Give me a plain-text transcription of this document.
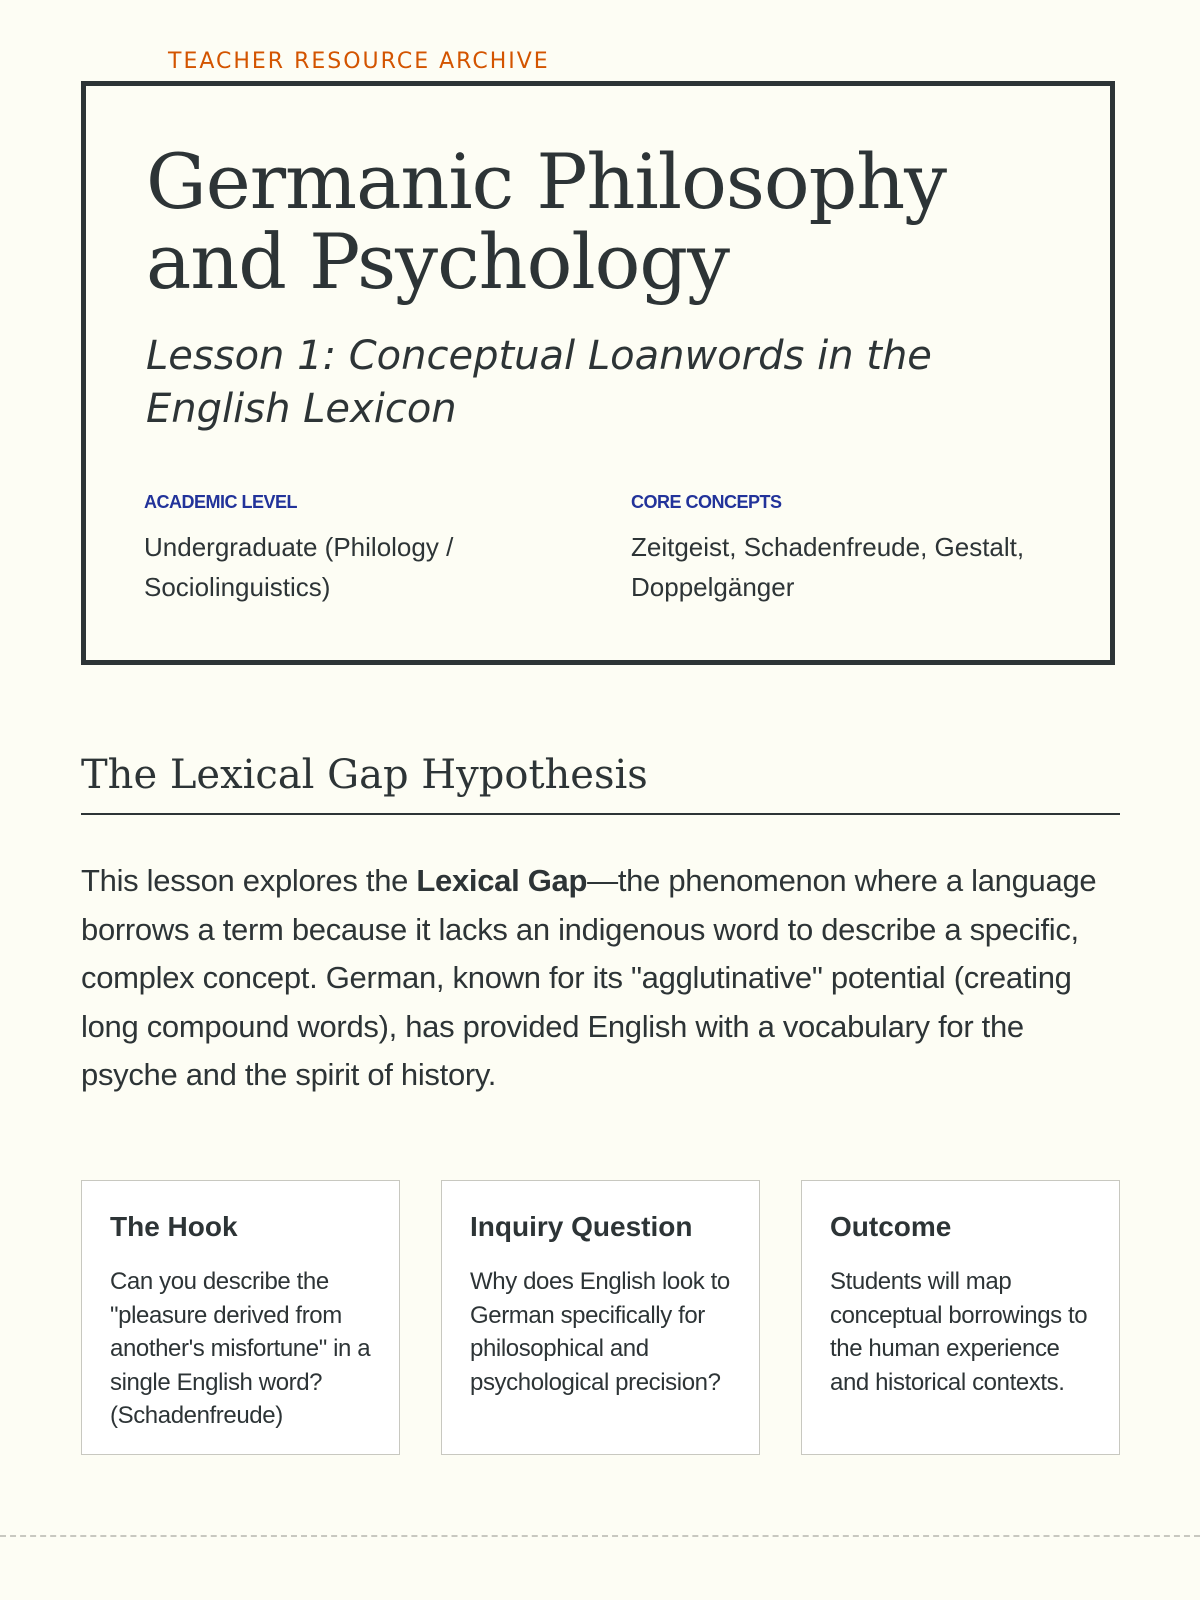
TEACHER RESOURCE ARCHIVE
Germanic Philosophy and Psychology
Lesson 1: Conceptual Loanwords in the English Lexicon
ACADEMIC LEVEL
Undergraduate (Philology / Sociolinguistics)
CORE CONCEPTS
Zeitgeist, Schadenfreude, Gestalt, Doppelgänger
The Lexical Gap Hypothesis

This lesson explores the Lexical Gap—the phenomenon where a language borrows a term because it lacks an indigenous word to describe a specific, complex concept. German, known for its "agglutinative" potential (creating long compound words), has provided English with a vocabulary for the psyche and the spirit of history.

The Hook

Can you describe the "pleasure derived from another's misfortune" in a single English word? (Schadenfreude)

Inquiry Question

Why does English look to German specifically for philosophical and psychological precision?

Outcome

Students will map conceptual borrowings to the human experience and historical contexts.
